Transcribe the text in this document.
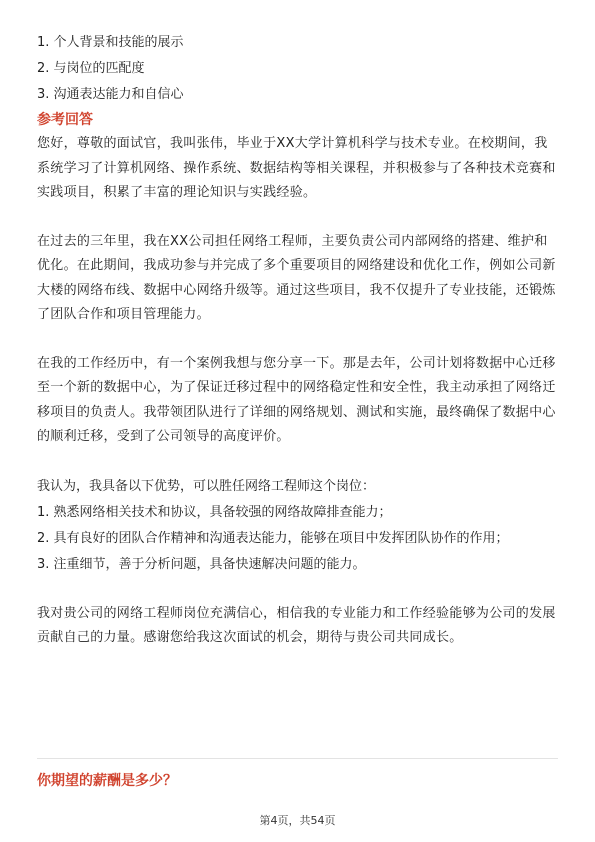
1. 个人背景和技能的展示

2. 与岗位的匹配度

3. 沟通表达能力和自信心

参考回答

您好，尊敬的面试官，我叫张伟，毕业于XX大学计算机科学与技术专业。在校期间，我系统学习了计算机网络、操作系统、数据结构等相关课程，并积极参与了各种技术竞赛和实践项目，积累了丰富的理论知识与实践经验。

在过去的三年里，我在XX公司担任网络工程师，主要负责公司内部网络的搭建、维护和优化。在此期间，我成功参与并完成了多个重要项目的网络建设和优化工作，例如公司新大楼的网络布线、数据中心网络升级等。通过这些项目，我不仅提升了专业技能，还锻炼了团队合作和项目管理能力。

在我的工作经历中，有一个案例我想与您分享一下。那是去年，公司计划将数据中心迁移至一个新的数据中心，为了保证迁移过程中的网络稳定性和安全性，我主动承担了网络迁移项目的负责人。我带领团队进行了详细的网络规划、测试和实施，最终确保了数据中心的顺利迁移，受到了公司领导的高度评价。

我认为，我具备以下优势，可以胜任网络工程师这个岗位：

1. 熟悉网络相关技术和协议，具备较强的网络故障排查能力；

2. 具有良好的团队合作精神和沟通表达能力，能够在项目中发挥团队协作的作用；

3. 注重细节，善于分析问题，具备快速解决问题的能力。

我对贵公司的网络工程师岗位充满信心，相信我的专业能力和工作经验能够为公司的发展贡献自己的力量。感谢您给我这次面试的机会，期待与贵公司共同成长。

你期望的薪酬是多少？

第4页，共54页
